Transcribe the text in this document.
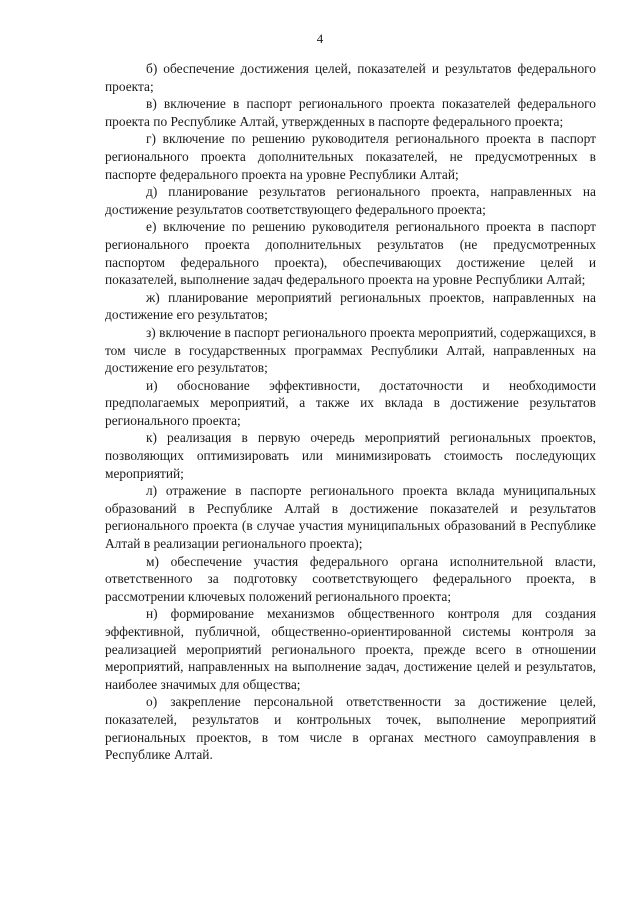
4

б) обеспечение достижения целей, показателей и результатов федерального проекта;

в) включение в паспорт регионального проекта показателей федерального проекта по Республике Алтай, утвержденных в паспорте федерального проекта;

г) включение по решению руководителя регионального проекта в паспорт регионального проекта дополнительных показателей, не предусмотренных в паспорте федерального проекта на уровне Республики Алтай;

д) планирование результатов регионального проекта, направленных на достижение результатов соответствующего федерального проекта;

е) включение по решению руководителя регионального проекта в паспорт регионального проекта дополнительных результатов (не предусмотренных паспортом федерального проекта), обеспечивающих достижение целей и показателей, выполнение задач федерального проекта на уровне Республики Алтай;

ж) планирование мероприятий региональных проектов, направленных на достижение его результатов;

з) включение в паспорт регионального проекта мероприятий, содержащихся, в том числе в государственных программах Республики Алтай, направленных на достижение его результатов;

и) обоснование эффективности, достаточности и необходимости предполагаемых мероприятий, а также их вклада в достижение результатов регионального проекта;

к) реализация в первую очередь мероприятий региональных проектов, позволяющих оптимизировать или минимизировать стоимость последующих мероприятий;

л) отражение в паспорте регионального проекта вклада муниципальных образований в Республике Алтай в достижение показателей и результатов регионального проекта (в случае участия муниципальных образований в Республике Алтай в реализации регионального проекта);

м) обеспечение участия федерального органа исполнительной власти, ответственного за подготовку соответствующего федерального проекта, в рассмотрении ключевых положений регионального проекта;

н) формирование механизмов общественного контроля для создания эффективной, публичной, общественно-ориентированной системы контроля за реализацией мероприятий регионального проекта, прежде всего в отношении мероприятий, направленных на выполнение задач, достижение целей и результатов, наиболее значимых для общества;

о) закрепление персональной ответственности за достижение целей, показателей, результатов и контрольных точек, выполнение мероприятий региональных проектов, в том числе в органах местного самоуправления в Республике Алтай.
